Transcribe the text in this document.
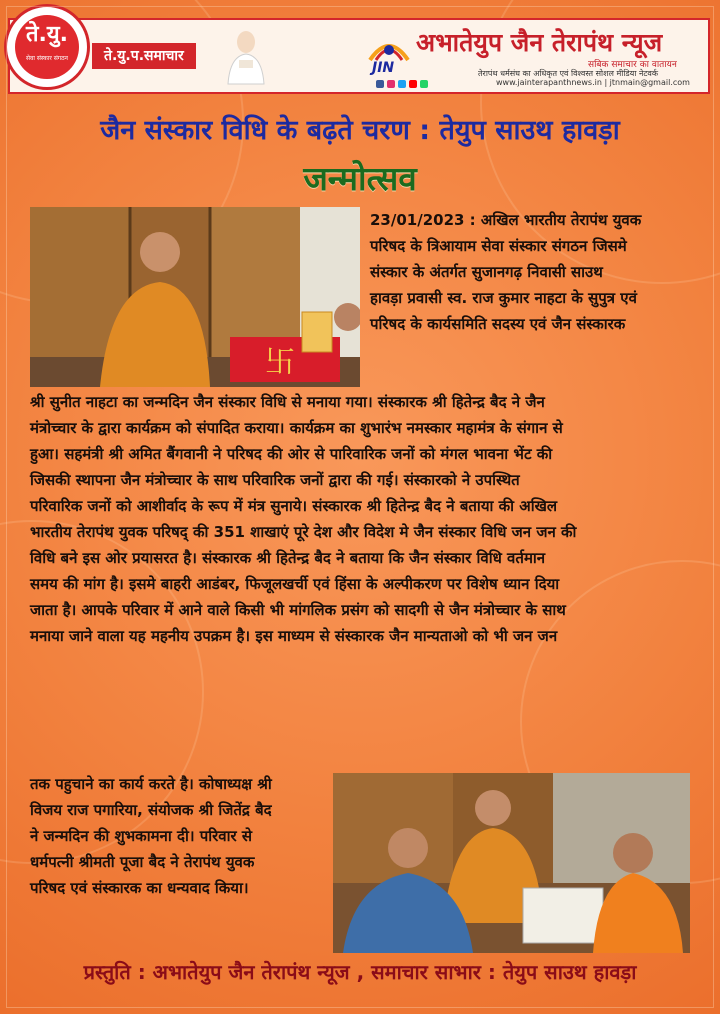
ते.यु.
सेवा संस्कार संगठन	ते.यु.प.समाचार
JIN
अभातेयुप जैन तेरापंथ न्यूज
सबिक समाचार का वातायन
तेरापंथ धर्मसंघ का अधिकृत एवं विश्वस्त सोशल मीडिया नेटवर्क
www.jainterapanthnews.in | jtnmain@gmail.com
जैन संस्कार विधि के बढ़ते चरण : तेयुप साउथ हावड़ा
जन्मोत्सव
卐
23/01/2023 : अखिल भारतीय तेरापंथ युवक
परिषद के त्रिआयाम सेवा संस्कार संगठन जिसमे
संस्कार के अंतर्गत सुजानगढ़ निवासी साउथ
हावड़ा प्रवासी स्व. राज कुमार नाहटा के सुपुत्र एवं
परिषद के कार्यसमिति सदस्य एवं जैन संस्कारक
श्री सुनीत नाहटा का जन्मदिन जैन संस्कार विधि से मनाया गया। संस्कारक श्री हितेन्द्र बैद ने जैन
मंत्रोच्चार के द्वारा कार्यक्रम को संपादित कराया। कार्यक्रम का शुभारंभ नमस्कार महामंत्र के संगान से
हुआ। सहमंत्री श्री अमित बैंगवानी ने परिषद की ओर से पारिवारिक जनों को मंगल भावना भेंट की
जिसकी स्थापना जैन मंत्रोच्चार के साथ परिवारिक जनों द्वारा की गई। संस्कारको ने उपस्थित
परिवारिक जनों को आशीर्वाद के रूप में मंत्र सुनाये। संस्कारक श्री हितेन्द्र बैद ने बताया की अखिल
भारतीय तेरापंथ युवक परिषद् की 351 शाखाएं पूरे देश और विदेश मे जैन संस्कार विधि जन जन की
विधि बने इस ओर प्रयासरत है। संस्कारक श्री हितेन्द्र बैद ने बताया कि जैन संस्कार विधि वर्तमान
समय की मांग है। इसमे बाहरी आडंबर, फिजूलखर्ची एवं हिंसा के अल्पीकरण पर विशेष ध्यान दिया
जाता है। आपके परिवार में आने वाले किसी भी मांगलिक प्रसंग को सादगी से जैन मंत्रोच्चार के साथ
मनाया जाने वाला यह महनीय उपक्रम है। इस माध्यम से संस्कारक जैन मान्यताओ को भी जन जन
तक पहुचाने का कार्य करते है। कोषाध्यक्ष श्री
विजय राज पगारिया, संयोजक श्री जितेंद्र बैद
ने जन्मदिन की शुभकामना दी। परिवार से
धर्मपत्नी श्रीमती पूजा बैद ने तेरापंथ युवक
परिषद एवं संस्कारक का धन्यवाद किया।
प्रस्तुति : अभातेयुप जैन तेरापंथ न्यूज , समाचार साभार : तेयुप साउथ हावड़ा
